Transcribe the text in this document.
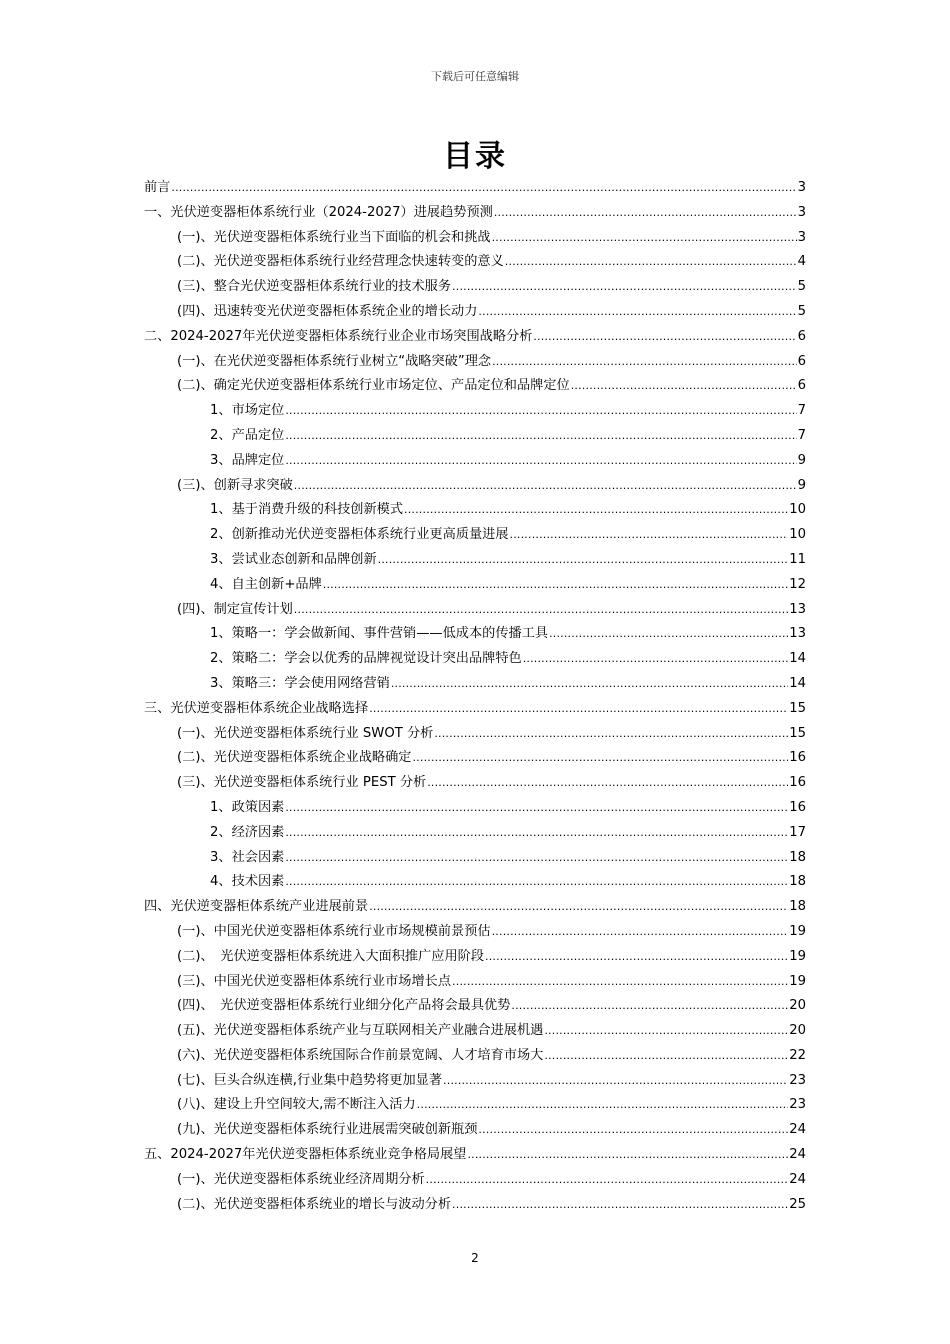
下载后可任意编辑
目录
前言 .....	3
一、光伏逆变器柜体系统行业（2024-2027）进展趋势预测 .....	3
(一)、光伏逆变器柜体系统行业当下面临的机会和挑战 .....	3
(二)、光伏逆变器柜体系统行业经营理念快速转变的意义 .....	4
(三)、整合光伏逆变器柜体系统行业的技术服务 .....	5
(四)、迅速转变光伏逆变器柜体系统企业的增长动力 .....	5
二、2024-2027年光伏逆变器柜体系统行业企业市场突围战略分析 .....	6
(一)、在光伏逆变器柜体系统行业树立“战略突破”理念 .....	6
(二)、确定光伏逆变器柜体系统行业市场定位、产品定位和品牌定位 .....	6
1、市场定位 .....	7
2、产品定位 .....	7
3、品牌定位 .....	9
(三)、创新寻求突破 .....	9
1、基于消费升级的科技创新模式 .....	10
2、创新推动光伏逆变器柜体系统行业更高质量进展 .....	10
3、尝试业态创新和品牌创新 .....	11
4、自主创新+品牌 .....	12
(四)、制定宣传计划 .....	13
1、策略一：学会做新闻、事件营销——低成本的传播工具 .....	13
2、策略二：学会以优秀的品牌视觉设计突出品牌特色 .....	14
3、策略三：学会使用网络营销 .....	14
三、光伏逆变器柜体系统企业战略选择 .....	15
(一)、光伏逆变器柜体系统行业 SWOT 分析 .....	15
(二)、光伏逆变器柜体系统企业战略确定 .....	16
(三)、光伏逆变器柜体系统行业 PEST 分析 .....	16
1、政策因素 .....	16
2、经济因素 .....	17
3、社会因素 .....	18
4、技术因素 .....	18
四、光伏逆变器柜体系统产业进展前景 .....	18
(一)、中国光伏逆变器柜体系统行业市场规模前景预估 .....	19
(二)、　光伏逆变器柜体系统进入大面积推广应用阶段 .....	19
(三)、中国光伏逆变器柜体系统行业市场增长点 .....	19
(四)、　光伏逆变器柜体系统行业细分化产品将会最具优势 .....	20
(五)、光伏逆变器柜体系统产业与互联网相关产业融合进展机遇 .....	20
(六)、光伏逆变器柜体系统国际合作前景宽阔、人才培育市场大 .....	22
(七)、巨头合纵连横,行业集中趋势将更加显著 .....	23
(八)、建设上升空间较大,需不断注入活力 .....	23
(九)、光伏逆变器柜体系统行业进展需突破创新瓶颈 .....	24
五、2024-2027年光伏逆变器柜体系统业竞争格局展望 .....	24
(一)、光伏逆变器柜体系统业经济周期分析 .....	24
(二)、光伏逆变器柜体系统业的增长与波动分析 .....	25
2
